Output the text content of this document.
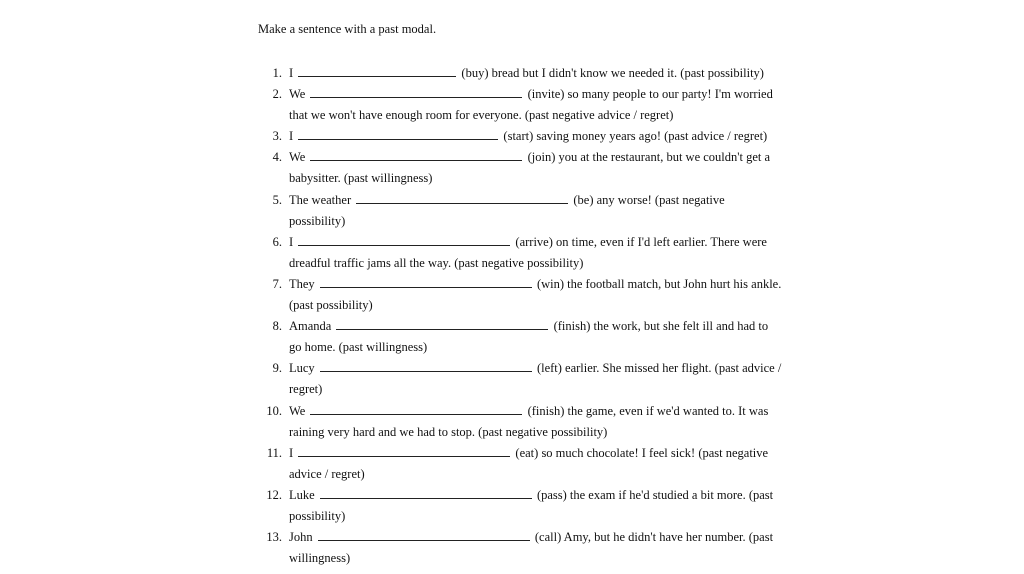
Make a sentence with a past modal.

1 . I	(buy) bread but I didn't know we needed it. (past possibility)
2 . We	(invite) so many people to our party! I'm worried that we won't have enough room for everyone. (past negative advice / regret)
3 . I	(start) saving money years ago! (past advice / regret)
4 . We	(join) you at the restaurant, but we couldn't get a babysitter. (past willingness)
5 . The weather	(be) any worse! (past negative possibility)
6 . I	(arrive) on time, even if I'd left earlier. There were dreadful traffic jams all the way. (past negative possibility)
7 . They	(win) the football match, but John hurt his ankle. (past possibility)
8 . Amanda	(finish) the work, but she felt ill and had to go home. (past willingness)
9 . Lucy	(left) earlier. She missed her flight. (past advice / regret)
10 . We	(finish) the game, even if we'd wanted to. It was raining very hard and we had to stop. (past negative possibility)
11 . I	(eat) so much chocolate! I feel sick! (past negative advice / regret)
12 . Luke	(pass) the exam if he'd studied a bit more. (past possibility)
13 . John	(call) Amy, but he didn't have her number. (past willingness)
